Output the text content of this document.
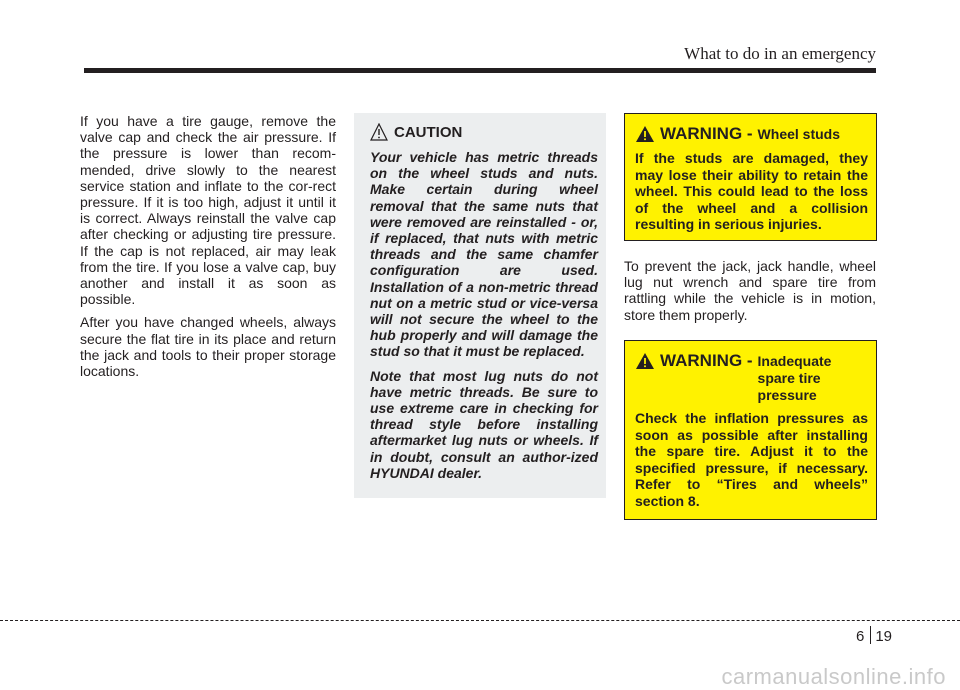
What to do in an emergency

If you have a tire gauge, remove the valve cap and check the air pressure. If the pressure is lower than recom-mended, drive slowly to the nearest service station and inflate to the cor-rect pressure. If it is too high, adjust it until it is correct. Always reinstall the valve cap after checking or adjusting tire pressure. If the cap is not replaced, air may leak from the tire. If you lose a valve cap, buy another and install it as soon as possible.

After you have changed wheels, always secure the flat tire in its place and return the jack and tools to their proper storage locations.

CAUTION

Your vehicle has metric threads on the wheel studs and nuts. Make certain during wheel removal that the same nuts that were removed are reinstalled - or, if replaced, that nuts with metric threads and the same chamfer configuration are used. Installation of a non-metric thread nut on a metric stud or vice-versa will not secure the wheel to the hub properly and will damage the stud so that it must be replaced.

Note that most lug nuts do not have metric threads. Be sure to use extreme care in checking for thread style before installing aftermarket lug nuts or wheels. If in doubt, consult an author-ized HYUNDAI dealer.

WARNING - Wheel studs
If the studs are damaged, they may lose their ability to retain the wheel. This could lead to the loss of the wheel and a collision resulting in serious injuries.
To prevent the jack, jack handle, wheel lug nut wrench and spare tire from rattling while the vehicle is in motion, store them properly.
WARNING - Inadequate spare tire pressure
Check the inflation pressures as soon as possible after installing the spare tire. Adjust it to the specified pressure, if necessary. Refer to “Tires and wheels” section 8.
6 19
carmanualsonline.info
